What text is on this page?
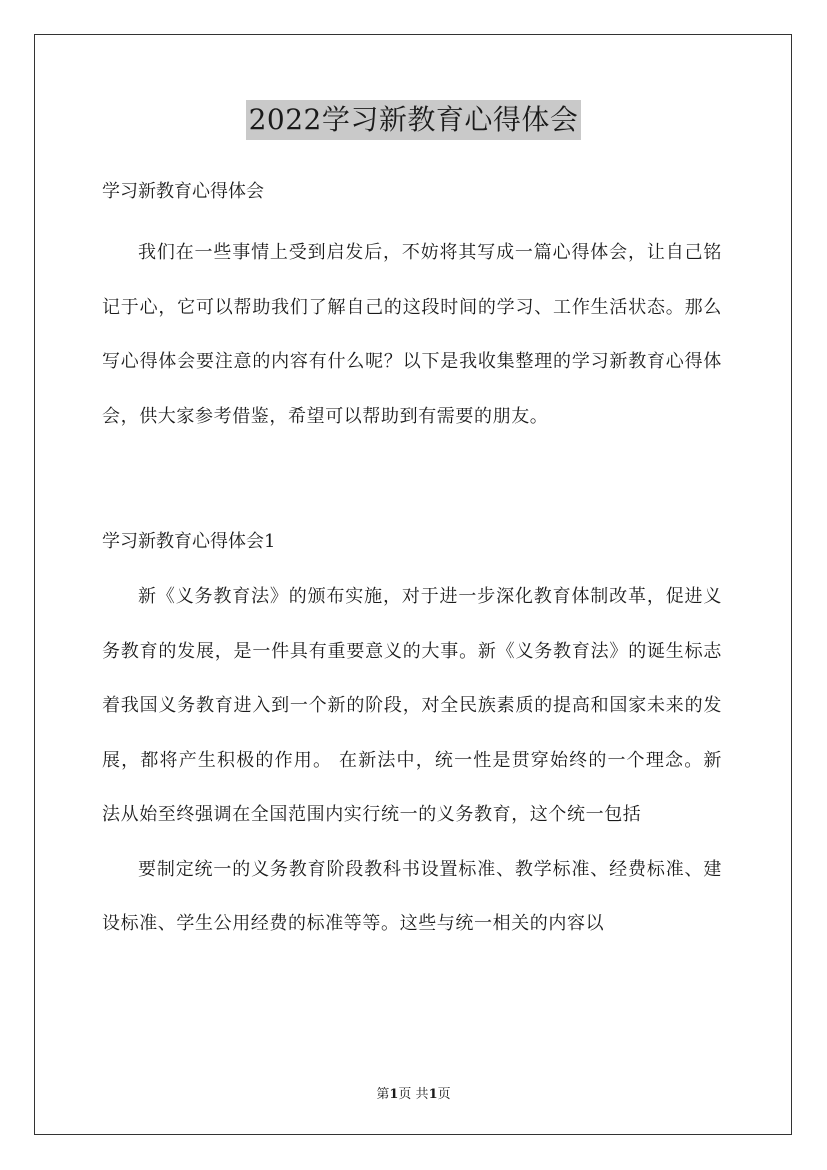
2022学习新教育心得体会
学习新教育心得体会

我们在一些事情上受到启发后，不妨将其写成一篇心得体会，让自己铭记于心，它可以帮助我们了解自己的这段时间的学习、工作生活状态。那么写心得体会要注意的内容有什么呢？以下是我收集整理的学习新教育心得体会，供大家参考借鉴，希望可以帮助到有需要的朋友。

学习新教育心得体会1

新《义务教育法》的颁布实施，对于进一步深化教育体制改革，促进义务教育的发展，是一件具有重要意义的大事。新《义务教育法》的诞生标志着我国义务教育进入到一个新的阶段，对全民族素质的提高和国家未来的发展，都将产生积极的作用。 在新法中，统一性是贯穿始终的一个理念。新法从始至终强调在全国范围内实行统一的义务教育，这个统一包括

要制定统一的义务教育阶段教科书设置标准、教学标准、经费标准、建设标准、学生公用经费的标准等等。这些与统一相关的内容以

第1页 共1页
